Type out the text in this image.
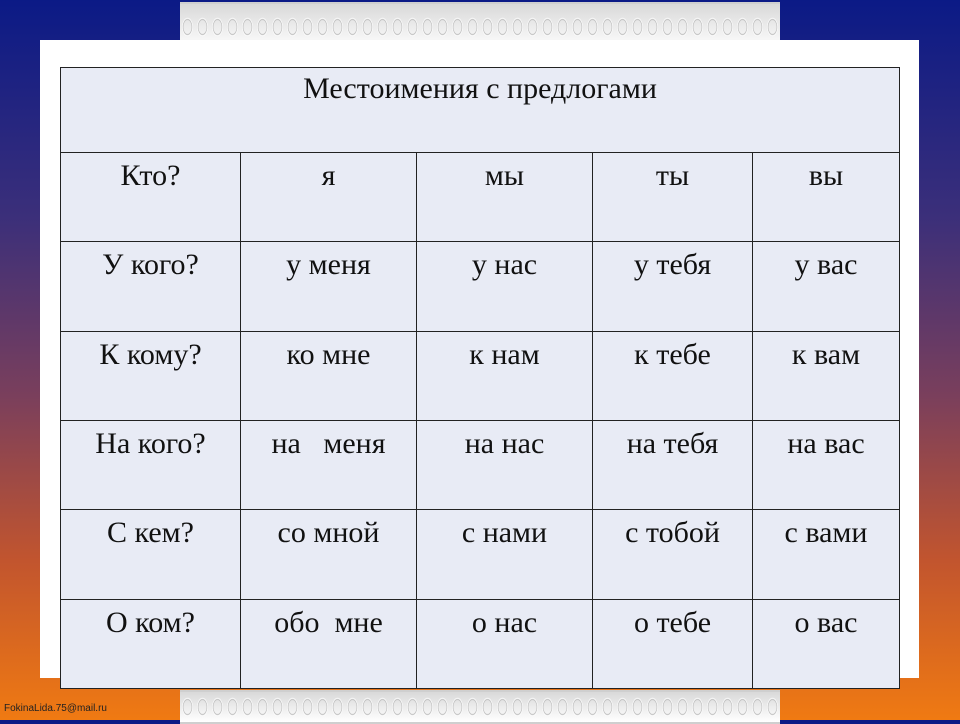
Местоимения с предлогами				
Кто?	я	мы	ты	вы
У кого?	у меня	у нас	у тебя	у вас
К кому?	ко мне	к нам	к тебе	к вам
На кого?	на   меня	на нас	на тебя	на вас
С кем?	со мной	с нами	с тобой	с вами
О ком?	обо  мне	о нас	о тебе	о вас
FokinaLida.75@mail.ru
